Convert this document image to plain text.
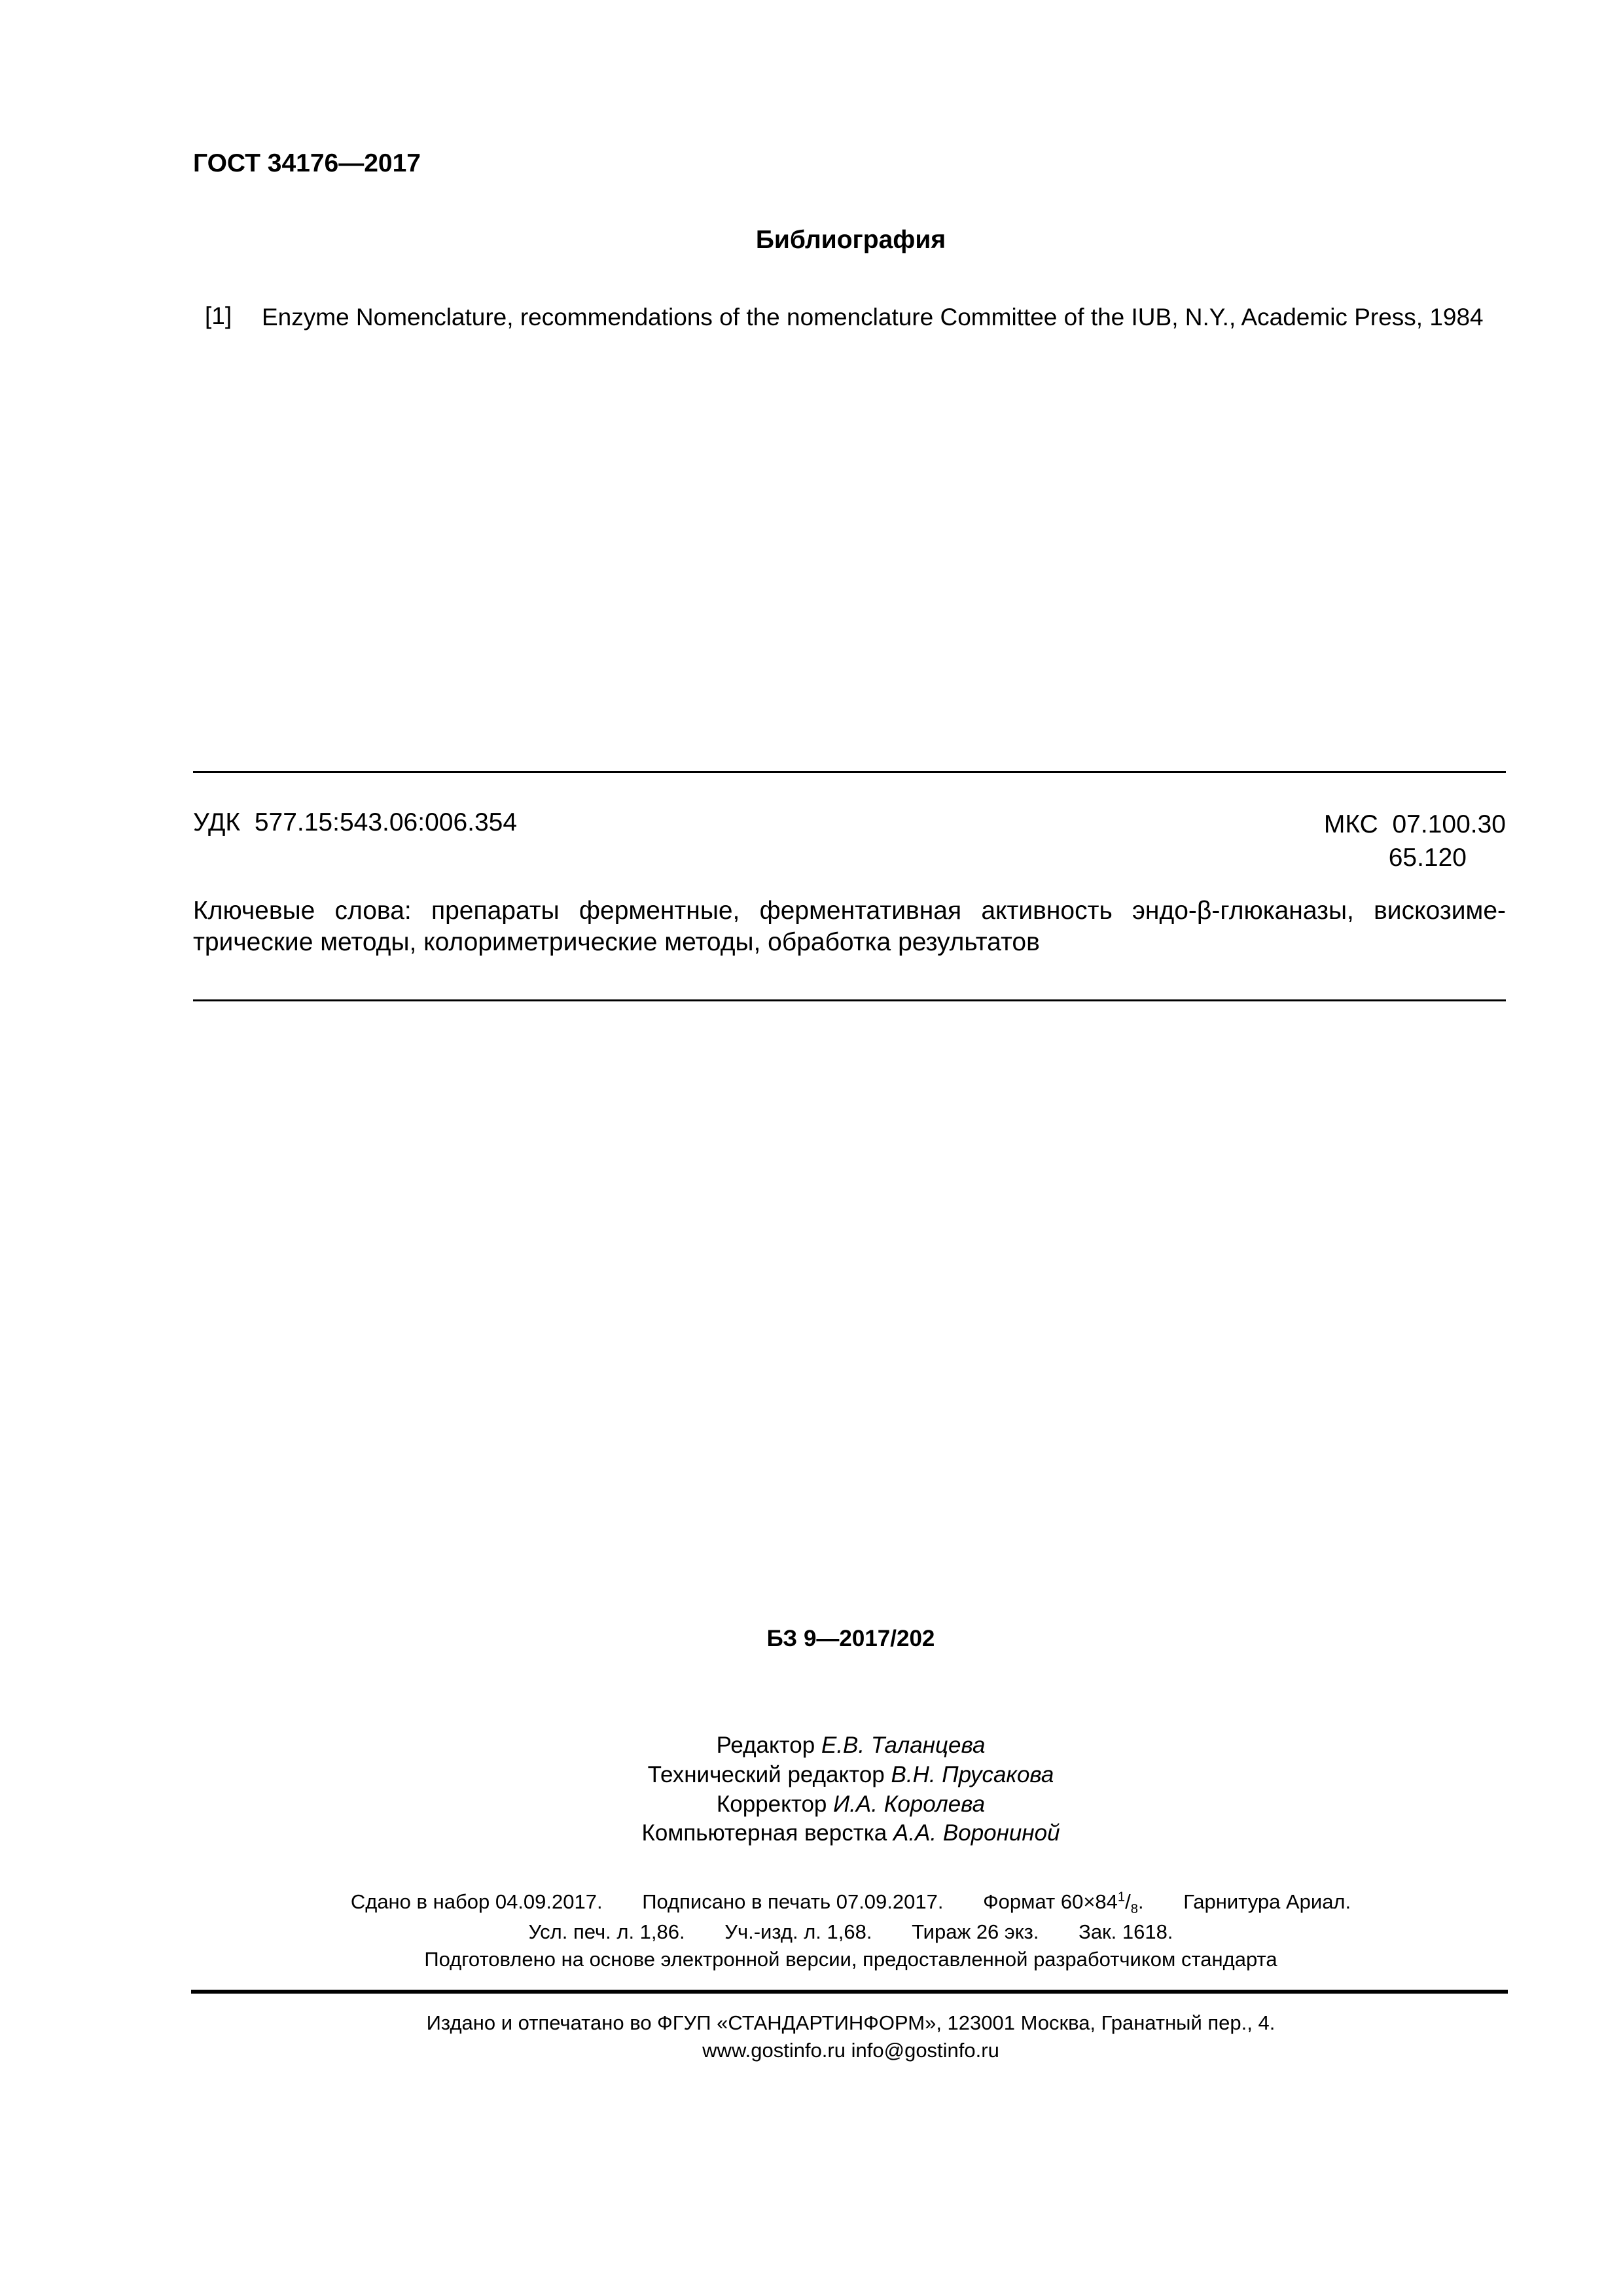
ГОСТ 34176—2017
Библиография
[1] Enzyme Nomenclature, recommendations of the nomenclature Committee of the IUB, N.Y., Academic Press, 1984
УДК  577.15:543.06:006.354	МКС  07.100.30
65.120
Ключевые слова: препараты ферментные, ферментативная активность эндо-β-глюканазы, вискозиме-трические методы, колориметрические методы, обработка результатов
БЗ 9—2017/202
Редактор Е.В. Таланцева
Технический редактор В.Н. Прусакова
Корректор И.А. Королева
Компьютерная верстка А.А. Ворониной
Сдано в набор 04.09.2017. Подписано в печать 07.09.2017. Формат $60\times 84^1/_8$. Гарнитура Ариал.
Усл. печ. л. 1,86. Уч.-изд. л. 1,68. Тираж 26 экз. Зак. 1618.
Подготовлено на основе электронной версии, предоставленной разработчиком стандарта
Издано и отпечатано во ФГУП «СТАНДАРТИНФОРМ», 123001 Москва, Гранатный пер., 4.
www.gostinfo.ru info@gostinfo.ru
